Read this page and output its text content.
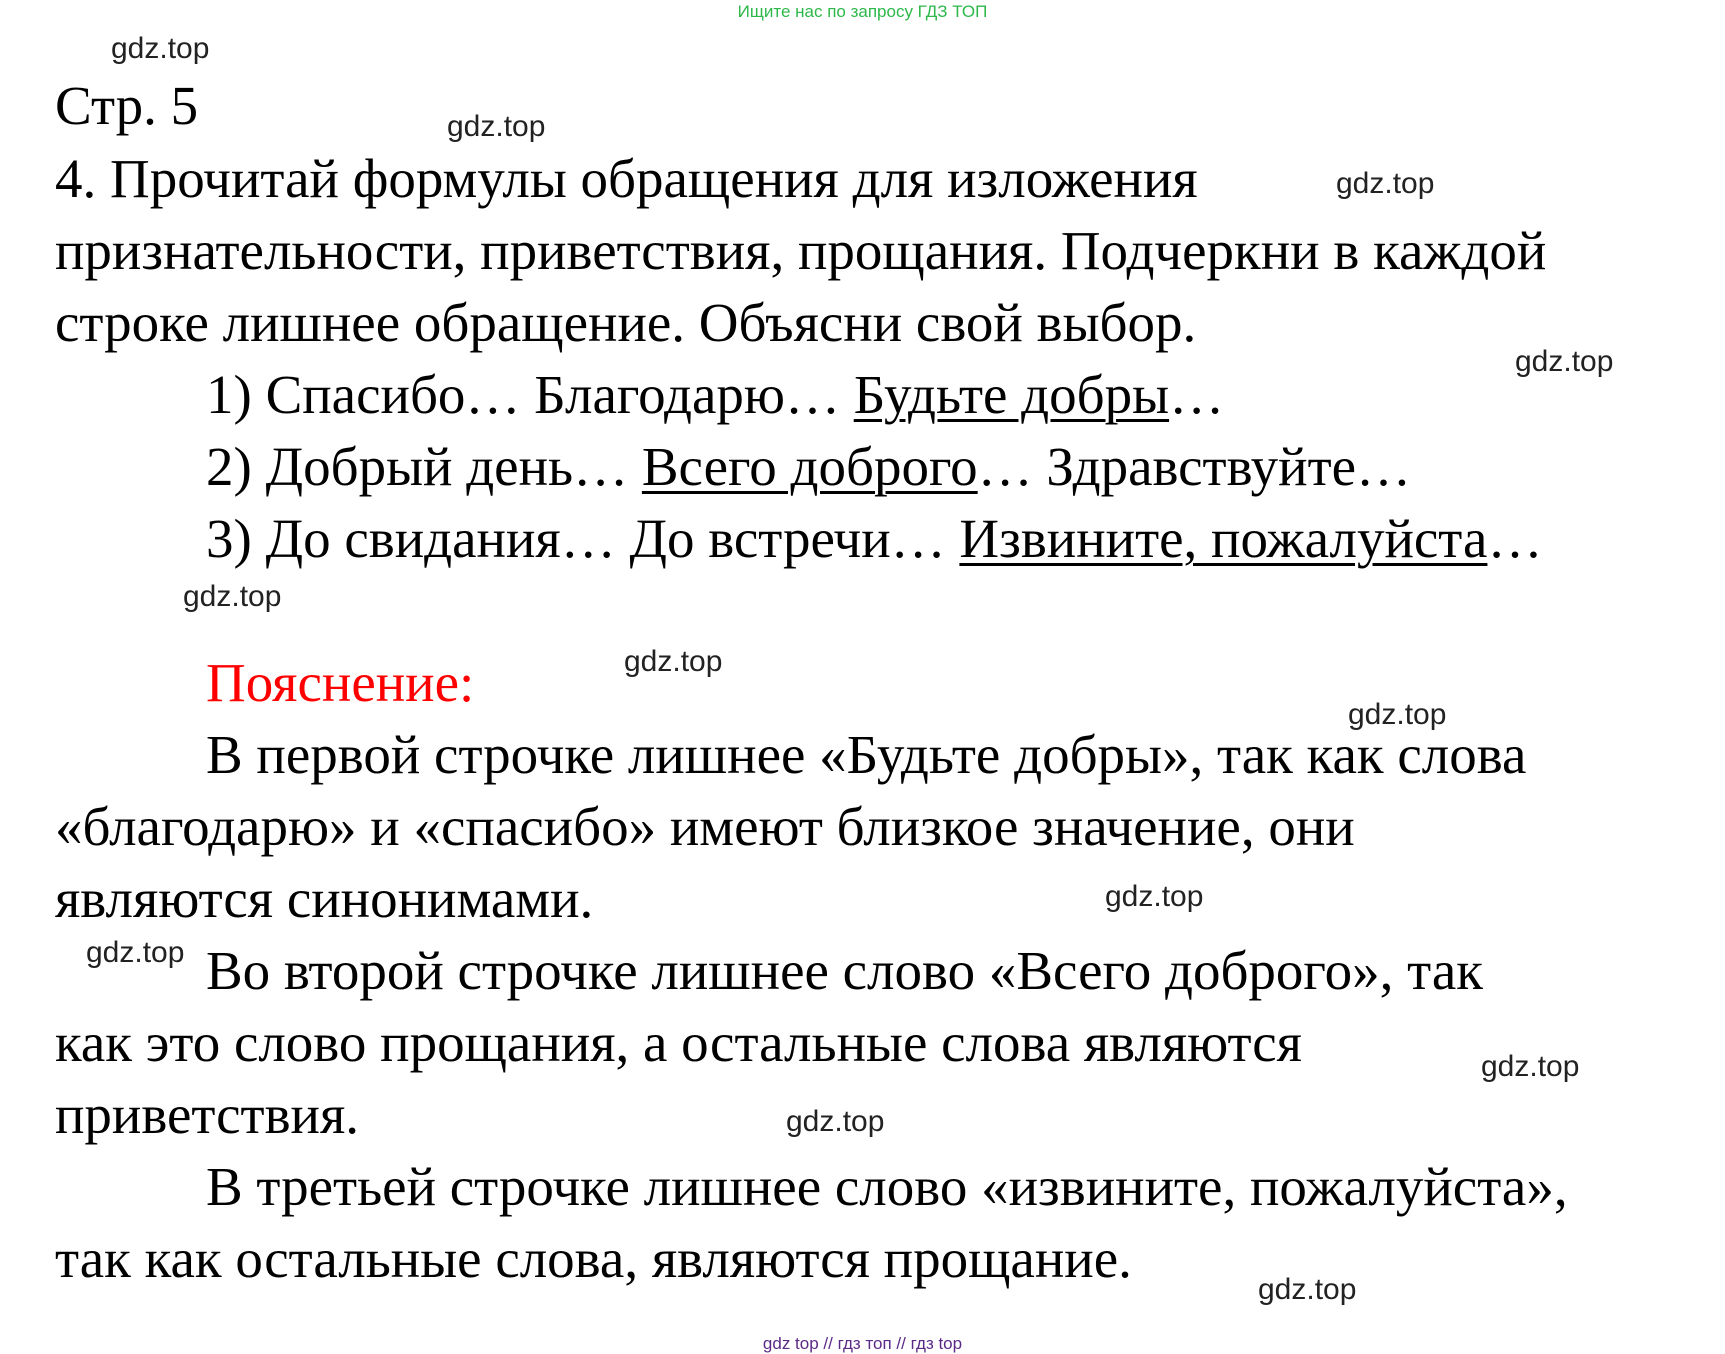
Ищите нас по запросу ГДЗ ТОП
gdz.top
gdz.top
gdz.top
gdz.top
gdz.top
gdz.top
gdz.top
gdz.top
gdz.top
gdz.top
gdz.top
gdz.top
Стр. 5
4. Прочитай формулы обращения для изложения
признательности, приветствия, прощания. Подчеркни в каждой
строке лишнее обращение. Объясни свой выбор.
1) Спасибо… Благодарю… Будьте добры…
2) Добрый день… Всего доброго… Здравствуйте…
3) До свидания… До встречи… Извините, пожалуйста…
Пояснение:
В первой строчке лишнее «Будьте добры», так как слова
«благодарю» и «спасибо» имеют близкое значение, они
являются синонимами.
Во второй строчке лишнее слово «Всего доброго», так
как это слово прощания, а остальные слова являются
приветствия.
В третьей строчке лишнее слово «извините, пожалуйста»,
так как остальные слова, являются прощание.
gdz top // гдз топ // гдз top
